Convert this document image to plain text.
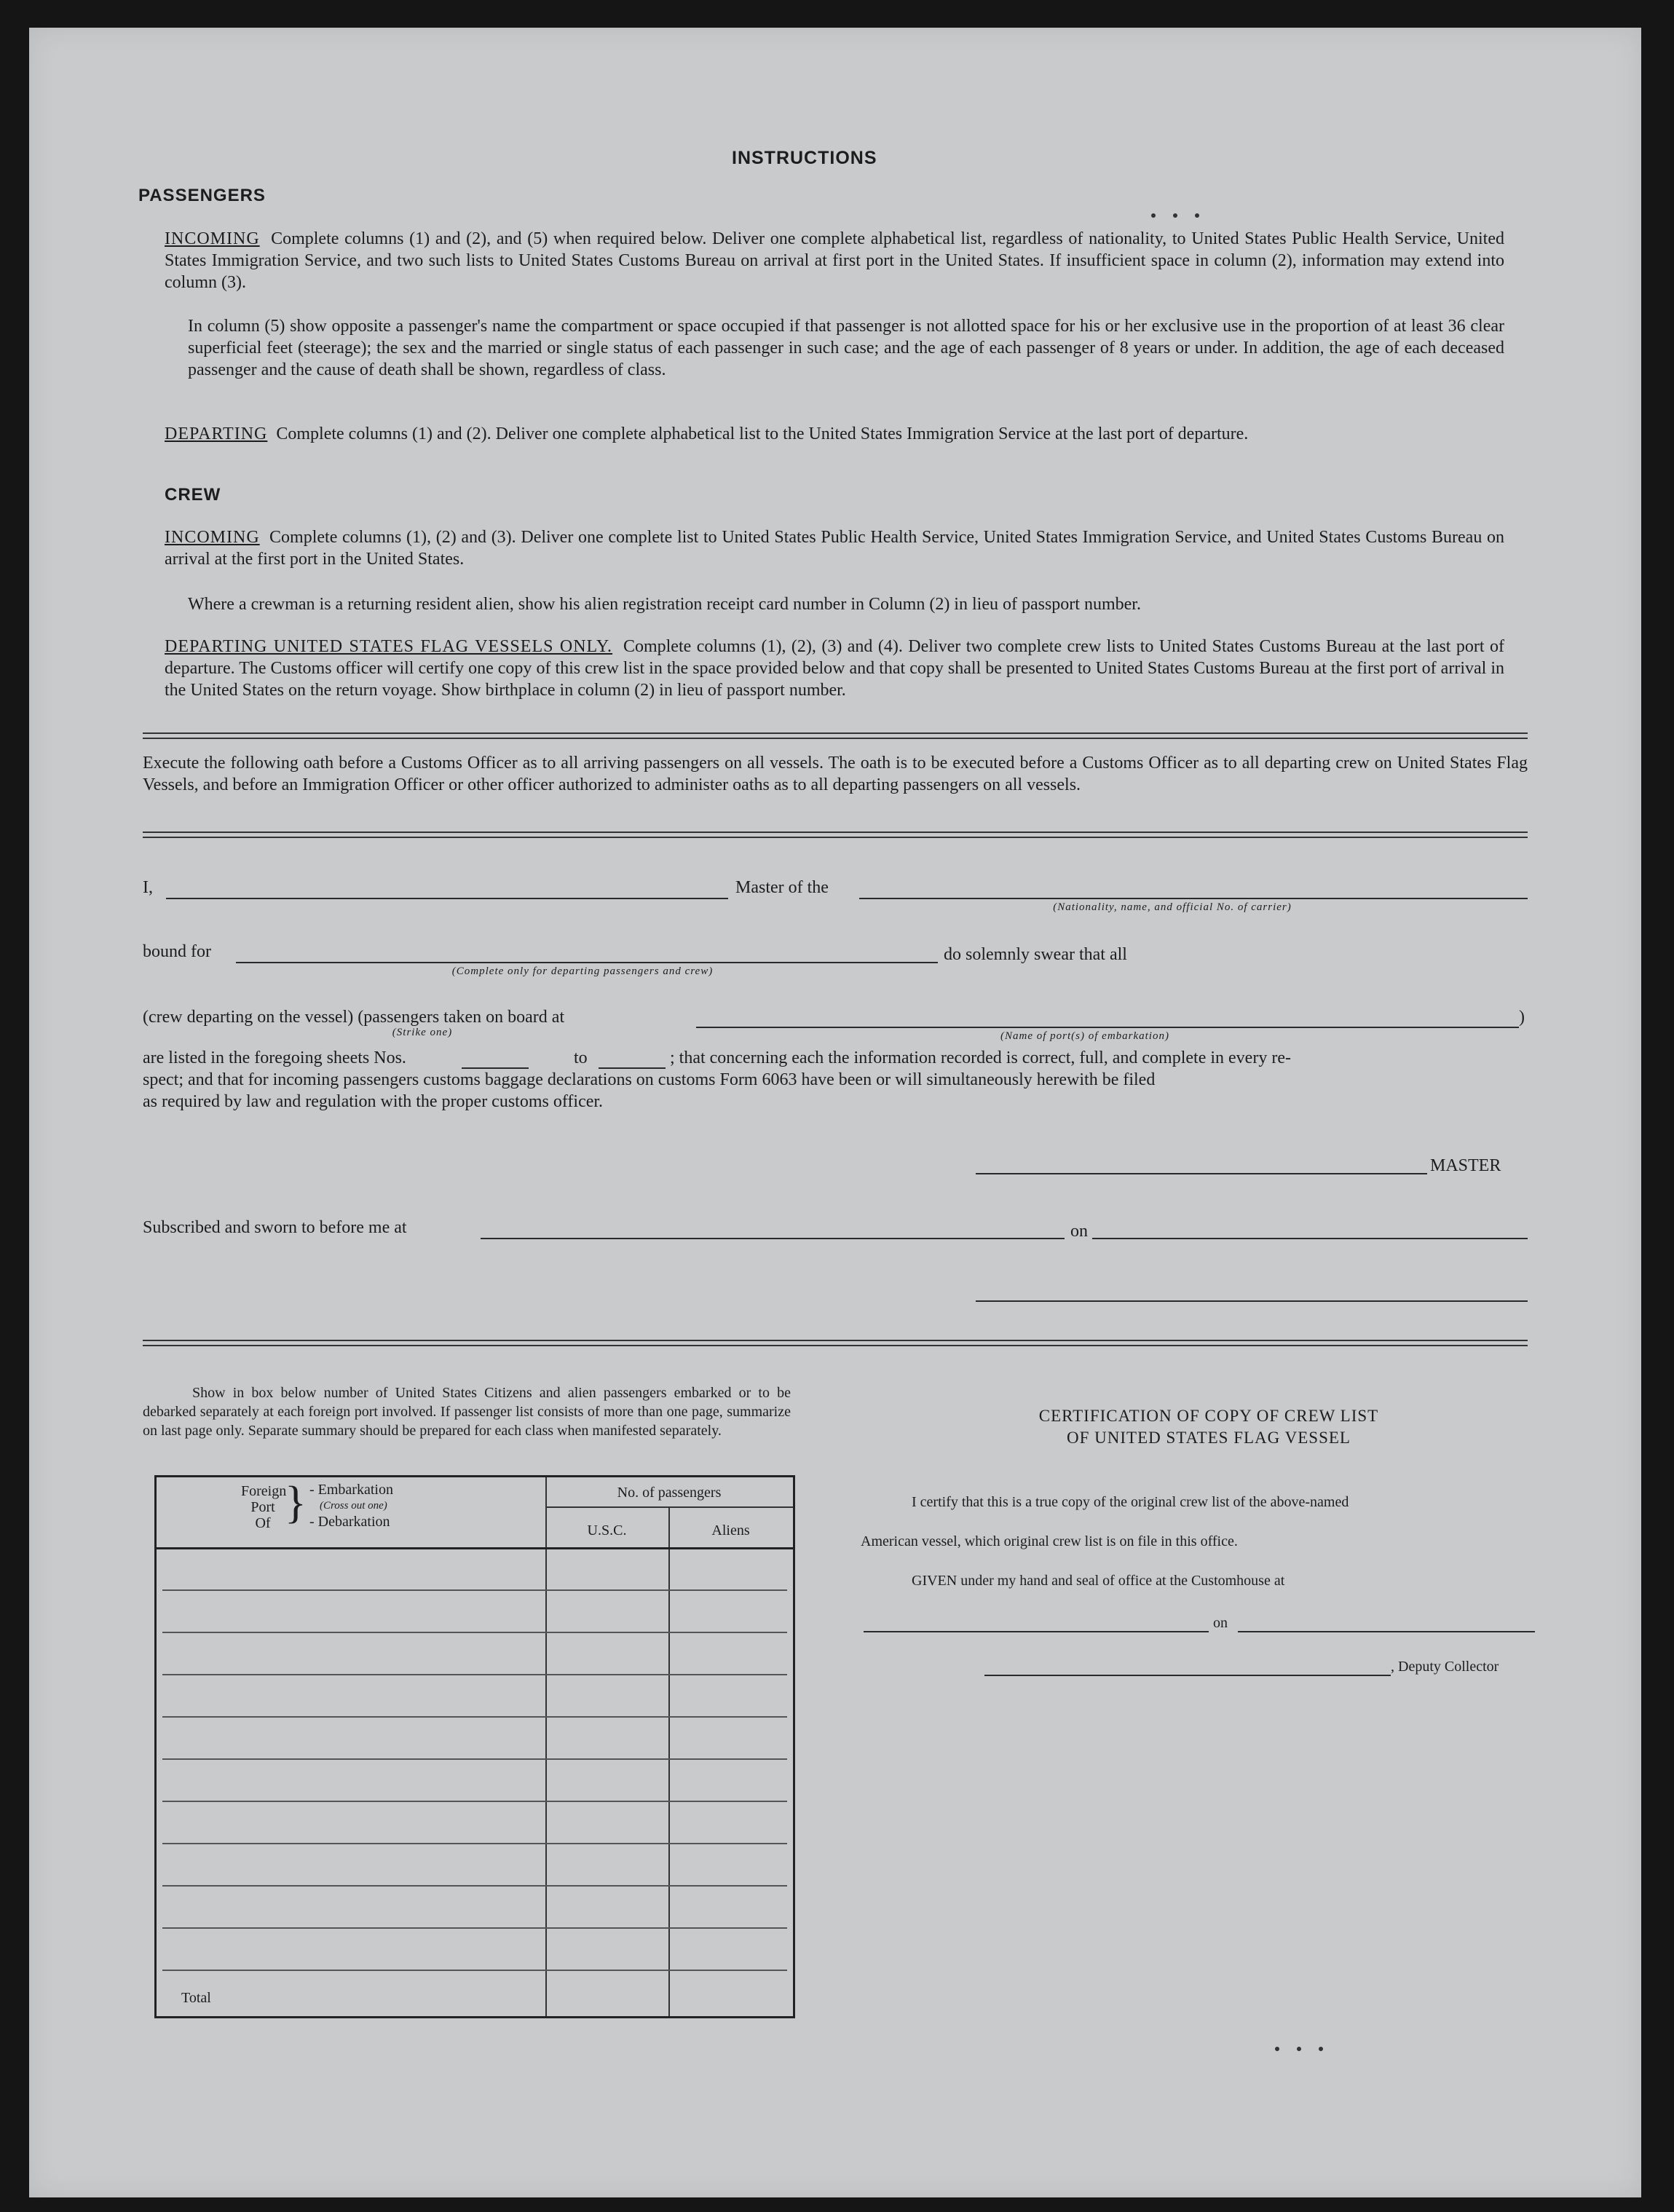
INSTRUCTIONS
PASSENGERS
INCOMING Complete columns (1) and (2), and (5) when required below. Deliver one complete alphabetical list, regardless of nationality, to United States Public Health Service, United States Immigration Service, and two such lists to United States Customs Bureau on arrival at first port in the United States. If insufficient space in column (2), information may extend into column (3).
In column (5) show opposite a passenger's name the compartment or space occupied if that passenger is not allotted space for his or her exclusive use in the proportion of at least 36 clear superficial feet (steerage); the sex and the married or single status of each passenger in such case; and the age of each passenger of 8 years or under. In addition, the age of each deceased passenger and the cause of death shall be shown, regardless of class.
DEPARTING Complete columns (1) and (2). Deliver one complete alphabetical list to the United States Immigration Service at the last port of departure.
CREW
INCOMING Complete columns (1), (2) and (3). Deliver one complete list to United States Public Health Service, United States Immigration Service, and United States Customs Bureau on arrival at the first port in the United States.
Where a crewman is a returning resident alien, show his alien registration receipt card number in Column (2) in lieu of passport number.
DEPARTING UNITED STATES FLAG VESSELS ONLY. Complete columns (1), (2), (3) and (4). Deliver two complete crew lists to United States Customs Bureau at the last port of departure. The Customs officer will certify one copy of this crew list in the space provided below and that copy shall be presented to United States Customs Bureau at the first port of arrival in the United States on the return voyage. Show birthplace in column (2) in lieu of passport number.
Execute the following oath before a Customs Officer as to all arriving passengers on all vessels. The oath is to be executed before a Customs Officer as to all departing crew on United States Flag Vessels, and before an Immigration Officer or other officer authorized to administer oaths as to all departing passengers on all vessels.
I,	Master of the
(Nationality, name, and official No. of carrier)
bound for	do solemnly swear that all
(Complete only for departing passengers and crew)
(crew departing on the vessel) (passengers taken on board at
(Strike one)
)
(Name of port(s) of embarkation)
are listed in the foregoing sheets Nos.	to	; that concerning each the information recorded is correct, full, and complete in every re-
spect; and that for incoming passengers customs baggage declarations on customs Form 6063 have been or will simultaneously herewith be filed
as required by law and regulation with the proper customs officer.
MASTER
Subscribed and sworn to before me at	on
Show in box below number of United States Citizens and alien passengers embarked or to be debarked separately at each foreign port involved. If passenger list consists of more than one page, summarize on last page only. Separate summary should be prepared for each class when manifested separately.
Foreign
Port
Of } - Embarkation
(Cross out one)
- Debarkation
No. of passengers
U.S.C.	Aliens
Total
CERTIFICATION OF COPY OF CREW LIST
OF UNITED STATES FLAG VESSEL
I certify that this is a true copy of the original crew list of the above-named
American vessel, which original crew list is on file in this office.
GIVEN under my hand and seal of office at the Customhouse at
on
, Deputy Collector
